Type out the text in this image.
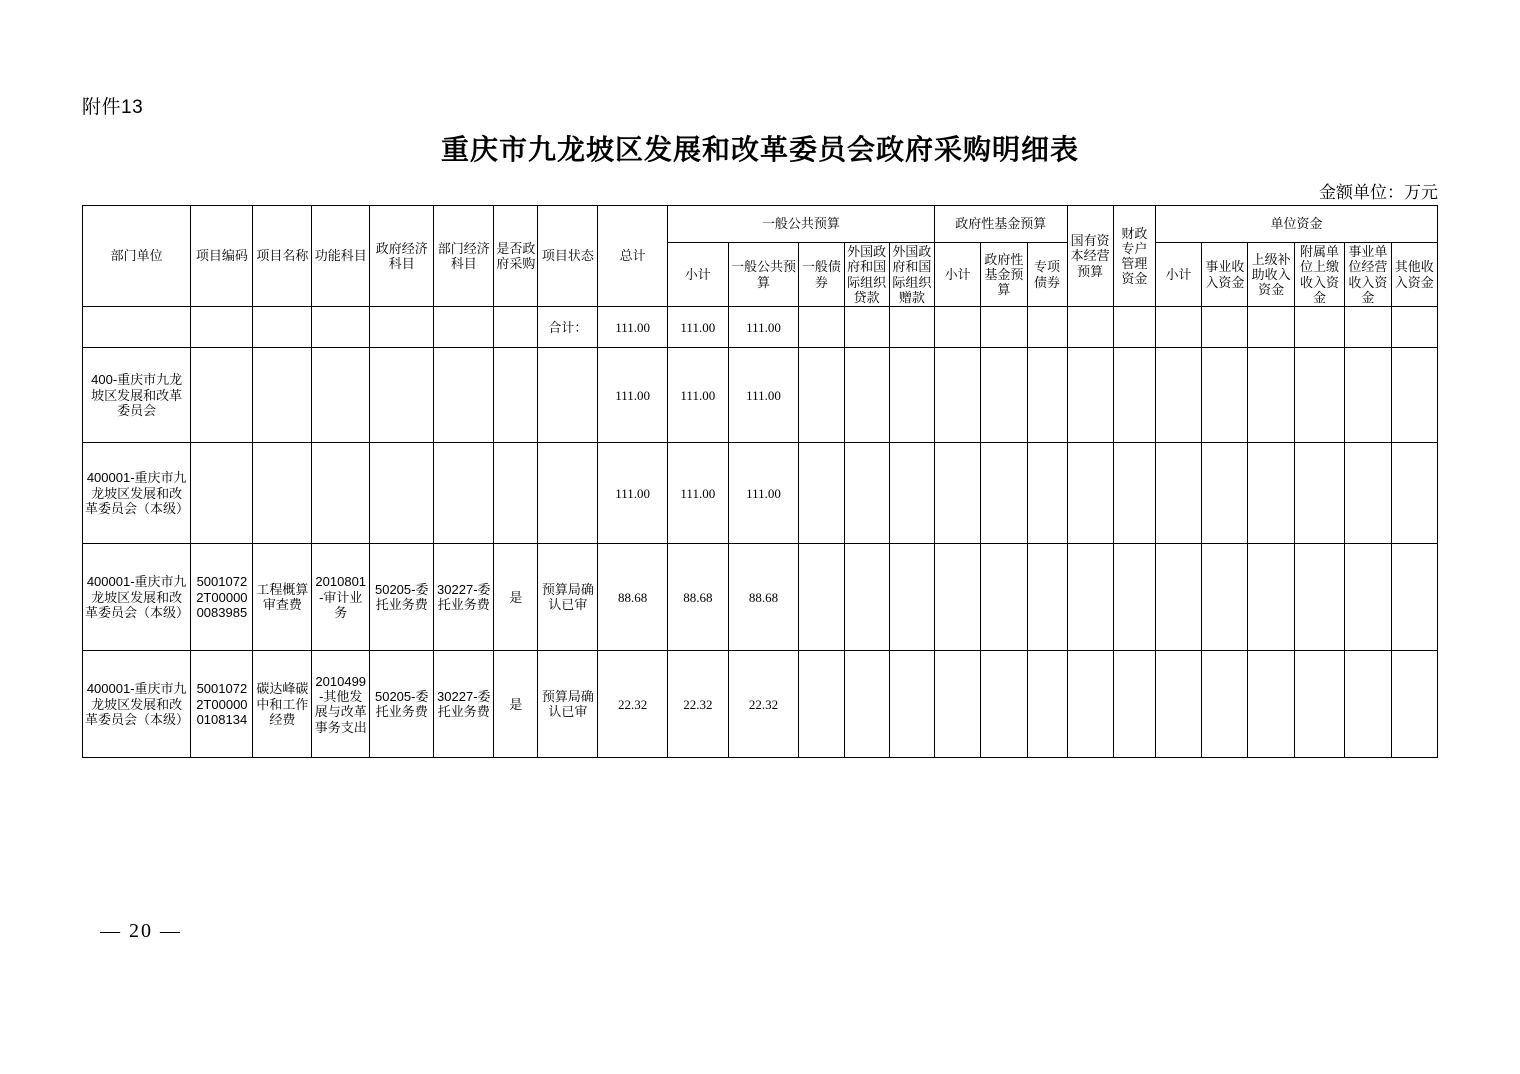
附件13
重庆市九龙坡区发展和改革委员会政府采购明细表
金额单位：万元
部门单位	项目编码	项目名称	功能科目	政府经济科目	部门经济科目	是否政府采购	项目状态	总计	一般公共预算					政府性基金预算			国有资本经营预算	财政专户管理资金	单位资金					
									小计	一般公共预算	一般债券	外国政府和国际组织贷款	外国政府和国际组织赠款	小计	政府性基金预算	专项债券			小计	事业收入资金	上级补助收入资金	附属单位上缴收入资金	事业单位经营收入资金	其他收入资金
							合计：	111.00	111.00	111.00														
400-重庆市九龙坡区发展和改革委员会								111.00	111.00	111.00														
400001-重庆市九龙坡区发展和改革委员会（本级）								111.00	111.00	111.00														
400001-重庆市九龙坡区发展和改革委员会（本级）	50010722T000000083985	工程概算审查费	2010801-审计业务	50205-委托业务费	30227-委托业务费	是	预算局确认已审	88.68	88.68	88.68														
400001-重庆市九龙坡区发展和改革委员会（本级）	50010722T000000108134	碳达峰碳中和工作经费	2010499-其他发展与改革事务支出	50205-委托业务费	30227-委托业务费	是	预算局确认已审	22.32	22.32	22.32														
— 20 —
